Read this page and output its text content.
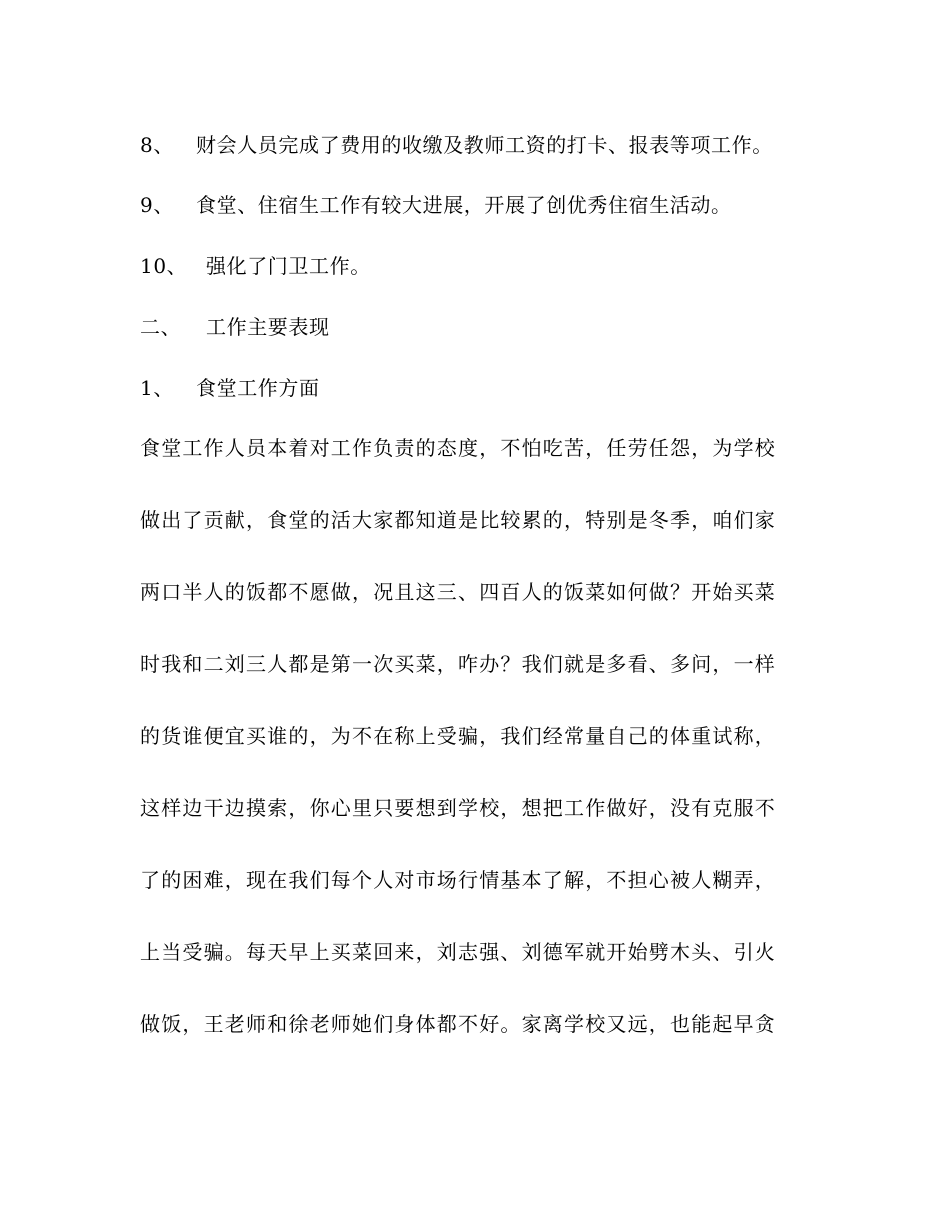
8、 财会人员完成了费用的收缴及教师工资的打卡、报表等项工作。
9、 食堂、住宿生工作有较大进展，开展了创优秀住宿生活动。
10、 强化了门卫工作。
二、 工作主要表现
1、 食堂工作方面
食堂工作人员本着对工作负责的态度，不怕吃苦，任劳任怨，为学校
做出了贡献，食堂的活大家都知道是比较累的，特别是冬季，咱们家
两口半人的饭都不愿做，况且这三、四百人的饭菜如何做？开始买菜
时我和二刘三人都是第一次买菜，咋办？我们就是多看、多问，一样
的货谁便宜买谁的，为不在称上受骗，我们经常量自己的体重试称，
这样边干边摸索，你心里只要想到学校，想把工作做好，没有克服不
了的困难，现在我们每个人对市场行情基本了解，不担心被人糊弄，
上当受骗。每天早上买菜回来，刘志强、刘德军就开始劈木头、引火
做饭，王老师和徐老师她们身体都不好。家离学校又远，也能起早贪
